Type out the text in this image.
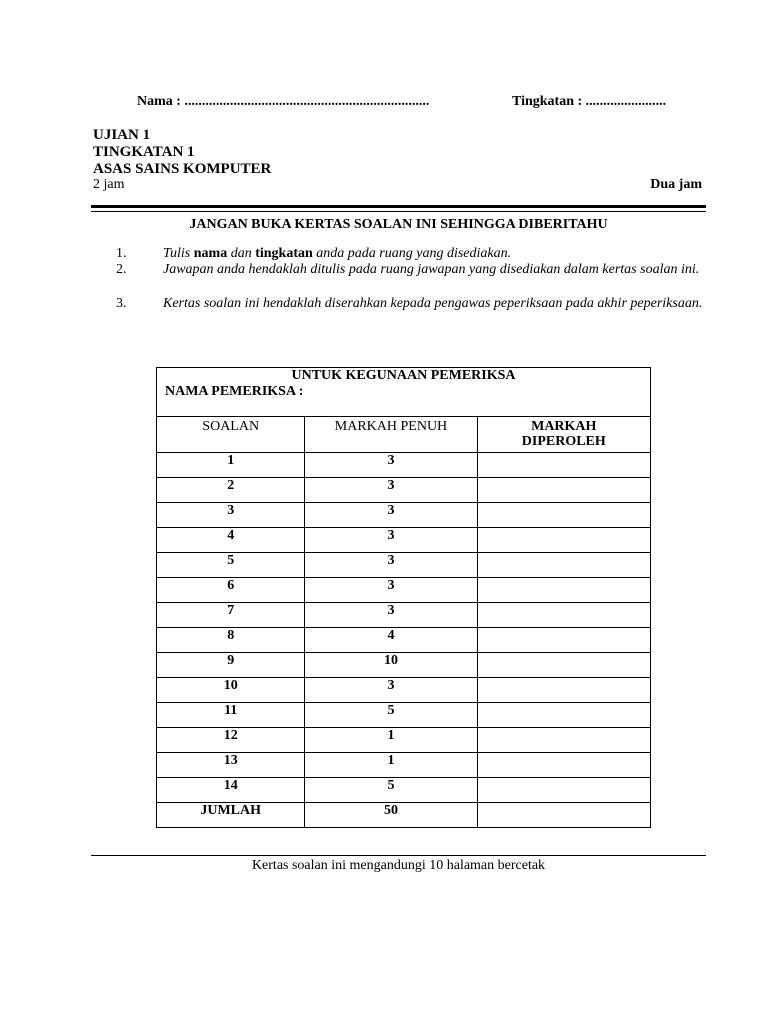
Nama : ......................................................................	Tingkatan : .......................
UJIAN 1
TINGKATAN 1
ASAS SAINS KOMPUTER
2 jam	Dua jam
JANGAN BUKA KERTAS SOALAN INI SEHINGGA DIBERITAHU
1.	Tulis nama dan tingkatan anda pada ruang yang disediakan.
2.	Jawapan anda hendaklah ditulis pada ruang jawapan yang disediakan dalam kertas soalan ini.
3.	Kertas soalan ini hendaklah diserahkan kepada pengawas peperiksaan pada akhir peperiksaan.
UNTUK KEGUNAAN PEMERIKSA		
NAMA PEMERIKSA :		
SOALAN	MARKAH PENUH	MARKAH DIPEROLEH

1	3	
2	3	
3	3	
4	3	
5	3	
6	3	
7	3	
8	4	
9	10	
10	3	
11	5	
12	1	
13	1	
14	5	
JUMLAH	50	
Kertas soalan ini mengandungi 10 halaman bercetak
